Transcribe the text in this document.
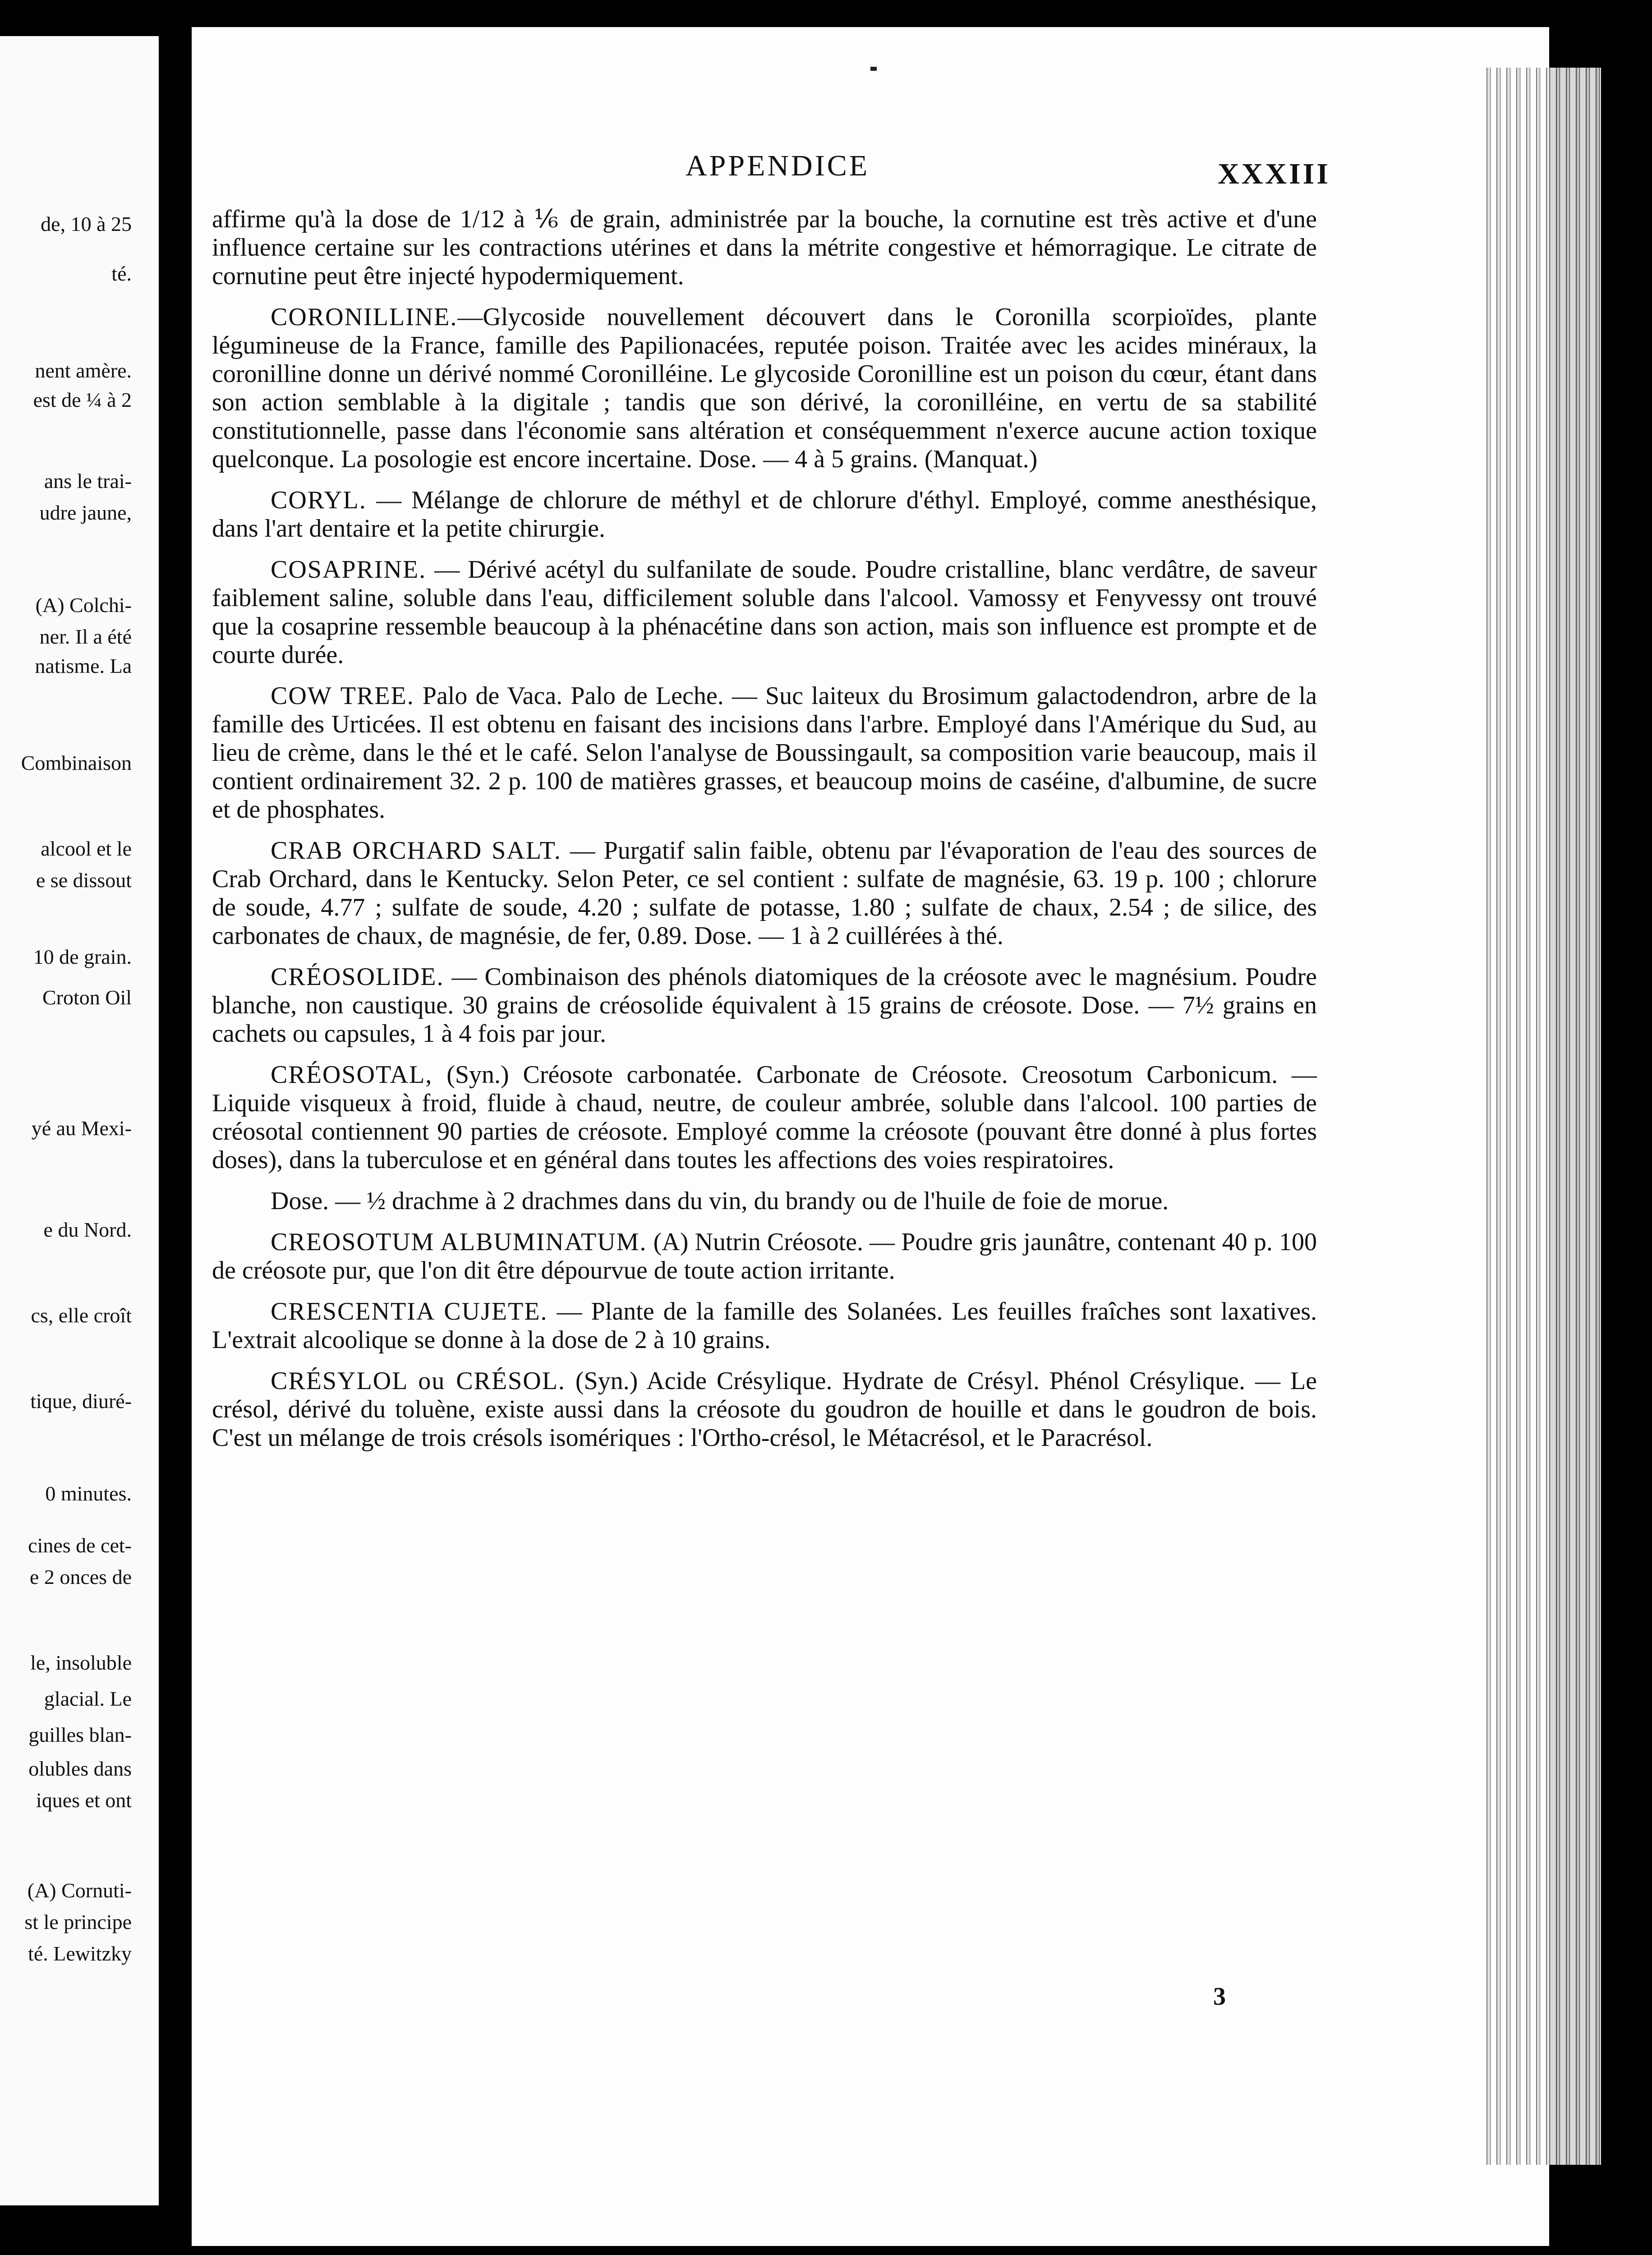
APPENDICE	XXXIII
de, 10 à 25
té.
nent amère.
est de ¼ à 2
ans le trai-
udre jaune,
(A) Colchi-
ner. Il a été
natisme. La
Combinaison
alcool et le
e se dissout
10 de grain.
Croton Oil
yé au Mexi-
e du Nord.
cs, elle croît
tique, diuré-
0 minutes.
cines de cet-
e 2 onces de
le, insoluble
glacial. Le
guilles blan-
olubles dans
iques et ont
(A) Cornuti-
st le principe
té. Lewitzky

affirme qu'à la dose de 1/12 à ⅙ de grain, administrée par la bouche, la cornutine est très active et d'une influence certaine sur les contractions utérines et dans la métrite congestive et hémorragique. Le citrate de cornutine peut être injecté hypodermiquement.

CORONILLINE.—Glycoside nouvellement découvert dans le Coronilla scorpioïdes, plante légumineuse de la France, famille des Papilionacées, reputée poison. Traitée avec les acides minéraux, la coronilline donne un dérivé nommé Coronilléine. Le glycoside Coronilline est un poison du cœur, étant dans son action semblable à la digitale ; tandis que son dérivé, la coronilléine, en vertu de sa stabilité constitutionnelle, passe dans l'économie sans altération et conséquemment n'exerce aucune action toxique quelconque. La posologie est encore incertaine. Dose. — 4 à 5 grains. (Manquat.)

CORYL. — Mélange de chlorure de méthyl et de chlorure d'éthyl. Employé, comme anesthésique, dans l'art dentaire et la petite chirurgie.

COSAPRINE. — Dérivé acétyl du sulfanilate de soude. Poudre cristalline, blanc verdâtre, de saveur faiblement saline, soluble dans l'eau, difficilement soluble dans l'alcool. Vamossy et Fenyvessy ont trouvé que la cosaprine ressemble beaucoup à la phénacétine dans son action, mais son influence est prompte et de courte durée.

COW TREE. Palo de Vaca. Palo de Leche. — Suc laiteux du Brosimum galactodendron, arbre de la famille des Urticées. Il est obtenu en faisant des incisions dans l'arbre. Employé dans l'Amérique du Sud, au lieu de crème, dans le thé et le café. Selon l'analyse de Boussingault, sa composition varie beaucoup, mais il contient ordinairement 32. 2 p. 100 de matières grasses, et beaucoup moins de caséine, d'albumine, de sucre et de phosphates.

CRAB ORCHARD SALT. — Purgatif salin faible, obtenu par l'évaporation de l'eau des sources de Crab Orchard, dans le Kentucky. Selon Peter, ce sel contient : sulfate de magnésie, 63. 19 p. 100 ; chlorure de soude, 4.77 ; sulfate de soude, 4.20 ; sulfate de potasse, 1.80 ; sulfate de chaux, 2.54 ; de silice, des carbonates de chaux, de magnésie, de fer, 0.89. Dose. — 1 à 2 cuillérées à thé.

CRÉOSOLIDE. — Combinaison des phénols diatomiques de la créosote avec le magnésium. Poudre blanche, non caustique. 30 grains de créosolide équivalent à 15 grains de créosote. Dose. — 7½ grains en cachets ou capsules, 1 à 4 fois par jour.

CRÉOSOTAL, (Syn.) Créosote carbonatée. Carbonate de Créosote. Creosotum Carbonicum. — Liquide visqueux à froid, fluide à chaud, neutre, de couleur ambrée, soluble dans l'alcool. 100 parties de créosotal contiennent 90 parties de créosote. Employé comme la créosote (pouvant être donné à plus fortes doses), dans la tuberculose et en général dans toutes les affections des voies respiratoires.

Dose. — ½ drachme à 2 drachmes dans du vin, du brandy ou de l'huile de foie de morue.

CREOSOTUM ALBUMINATUM. (A) Nutrin Créosote. — Poudre gris jaunâtre, contenant 40 p. 100 de créosote pur, que l'on dit être dépourvue de toute action irritante.

CRESCENTIA CUJETE. — Plante de la famille des Solanées. Les feuilles fraîches sont laxatives. L'extrait alcoolique se donne à la dose de 2 à 10 grains.

CRÉSYLOL ou CRÉSOL. (Syn.) Acide Crésylique. Hydrate de Crésyl. Phénol Crésylique. — Le crésol, dérivé du toluène, existe aussi dans la créosote du goudron de houille et dans le goudron de bois. C'est un mélange de trois crésols isomériques : l'Ortho-crésol, le Métacrésol, et le Paracrésol.

3
